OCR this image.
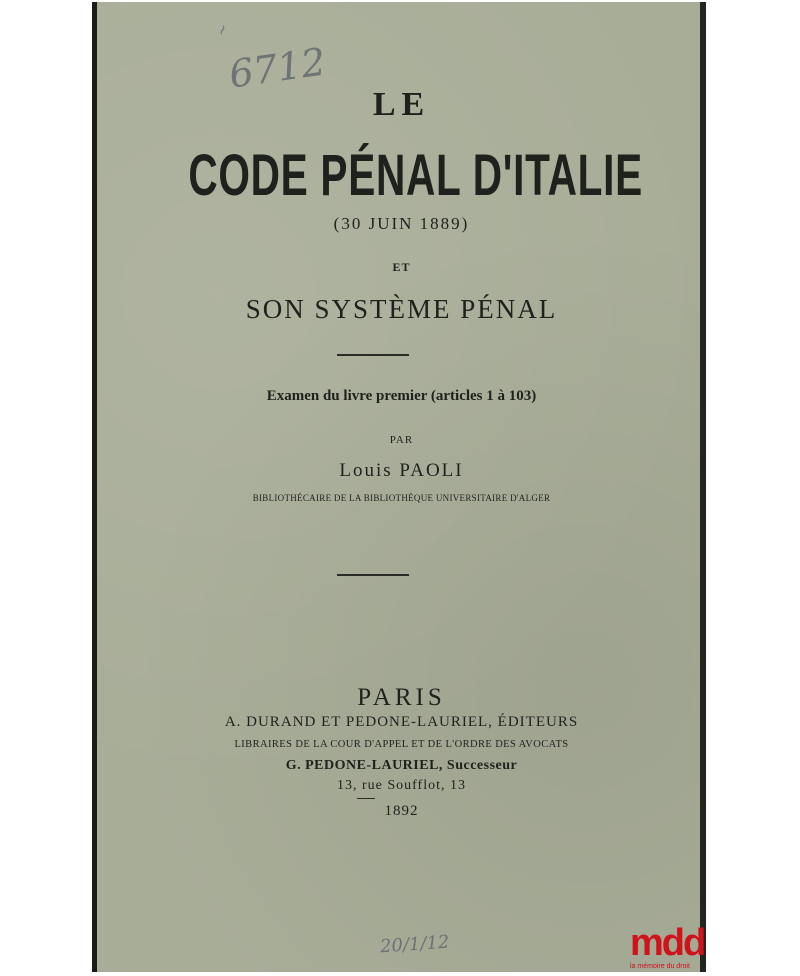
~
6712
LE
CODE PÉNAL D'ITALIE
(30 JUIN 1889)
ET
SON SYSTÈME PÉNAL
Examen du livre premier (articles 1 à 103)
PAR
Louis PAOLI
BIBLIOTHÉCAIRE DE LA BIBLIOTHÈQUE UNIVERSITAIRE D'ALGER
PARIS
A. DURAND ET PEDONE-LAURIEL, ÉDITEURS
LIBRAIRES DE LA COUR D'APPEL ET DE L'ORDRE DES AVOCATS
G. PEDONE-LAURIEL, Successeur
13, rue Soufflot, 13
1892
20/1/12	mdd
la mémoire du droit
